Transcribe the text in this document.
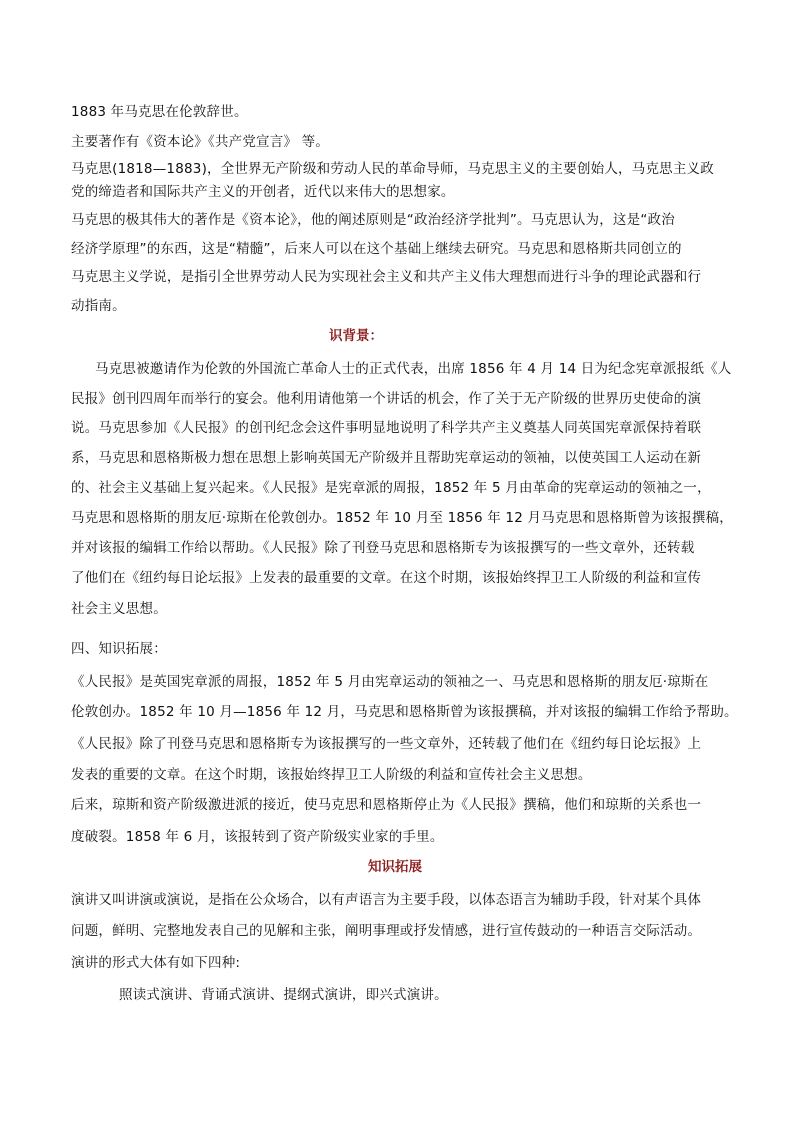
1883 年马克思在伦敦辞世。
主要著作有《资本论》《共产党宣言》 等。
马克思(1818—1883)，全世界无产阶级和劳动人民的革命导师，马克思主义的主要创始人，马克思主义政
党的缔造者和国际共产主义的开创者，近代以来伟大的思想家。
马克思的极其伟大的著作是《资本论》，他的阐述原则是“政治经济学批判”。马克思认为，这是“政治
经济学原理”的东西，这是“精髓”，后来人可以在这个基础上继续去研究。马克思和恩格斯共同创立的
马克思主义学说，是指引全世界劳动人民为实现社会主义和共产主义伟大理想而进行斗争的理论武器和行
动指南。
识背景：
马克思被邀请作为伦敦的外国流亡革命人士的正式代表，出席 1856 年 4 月 14 日为纪念宪章派报纸《人
民报》创刊四周年而举行的宴会。他利用请他第一个讲话的机会，作了关于无产阶级的世界历史使命的演
说。马克思参加《人民报》的创刊纪念会这件事明显地说明了科学共产主义奠基人同英国宪章派保持着联
系，马克思和恩格斯极力想在思想上影响英国无产阶级并且帮助宪章运动的领袖，以使英国工人运动在新
的、社会主义基础上复兴起来。《人民报》是宪章派的周报，1852 年 5 月由革命的宪章运动的领袖之一，
马克思和恩格斯的朋友厄·琼斯在伦敦创办。1852 年 10 月至 1856 年 12 月马克思和恩格斯曾为该报撰稿，
并对该报的编辑工作给以帮助。《人民报》除了刊登马克思和恩格斯专为该报撰写的一些文章外，还转载
了他们在《纽约每日论坛报》上发表的最重要的文章。在这个时期，该报始终捍卫工人阶级的利益和宣传
社会主义思想。
四、知识拓展：
《人民报》是英国宪章派的周报，1852 年 5 月由宪章运动的领袖之一、马克思和恩格斯的朋友厄·琼斯在
伦敦创办。1852 年 10 月—1856 年 12 月，马克思和恩格斯曾为该报撰稿，并对该报的编辑工作给予帮助。
《人民报》除了刊登马克思和恩格斯专为该报撰写的一些文章外，还转载了他们在《纽约每日论坛报》上
发表的重要的文章。在这个时期，该报始终捍卫工人阶级的利益和宣传社会主义思想。
后来，琼斯和资产阶级激进派的接近，使马克思和恩格斯停止为《人民报》撰稿，他们和琼斯的关系也一
度破裂。1858 年 6 月，该报转到了资产阶级实业家的手里。
知识拓展
演讲又叫讲演或演说，是指在公众场合，以有声语言为主要手段，以体态语言为辅助手段，针对某个具体
问题，鲜明、完整地发表自己的见解和主张，阐明事理或抒发情感，进行宣传鼓动的一种语言交际活动。
演讲的形式大体有如下四种:
照读式演讲、背诵式演讲、提纲式演讲，即兴式演讲。
